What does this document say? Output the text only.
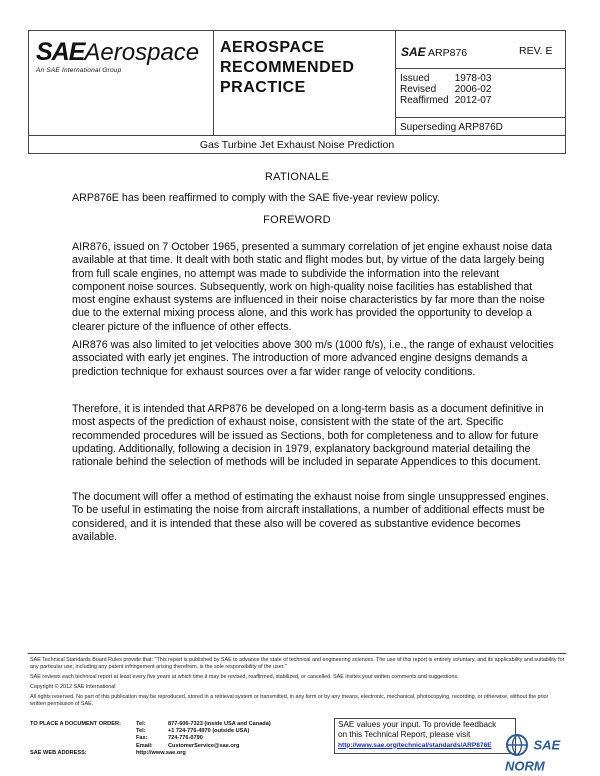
SAEAerospace
An SAE International Group
AEROSPACE
RECOMMENDED
PRACTICE
SAE ARP876	REV. E
Issued	1978-03
Revised	2006-02
Reaffirmed	2012-07
Superseding ARP876D
Gas Turbine Jet Exhaust Noise Prediction
RATIONALE
ARP876E has been reaffirmed to comply with the SAE five-year review policy.
FOREWORD
AIR876, issued on 7 October 1965, presented a summary correlation of jet engine exhaust noise data available at that time. It dealt with both static and flight modes but, by virtue of the data largely being from full scale engines, no attempt was made to subdivide the information into the relevant component noise sources. Subsequently, work on high-quality noise facilities has established that most engine exhaust systems are influenced in their noise characteristics by far more than the noise due to the external mixing process alone, and this work has provided the opportunity to develop a clearer picture of the influence of other effects.
AIR876 was also limited to jet velocities above 300 m/s (1000 ft/s), i.e., the range of exhaust velocities associated with early jet engines. The introduction of more advanced engine designs demands a prediction technique for exhaust sources over a far wider range of velocity conditions.
Therefore, it is intended that ARP876 be developed on a long-term basis as a document definitive in most aspects of the prediction of exhaust noise, consistent with the state of the art. Specific recommended procedures will be issued as Sections, both for completeness and to allow for future updating. Additionally, following a decision in 1979, explanatory background material detailing the rationale behind the selection of methods will be included in separate Appendices to this document.
The document will offer a method of estimating the exhaust noise from single unsuppressed engines. To be useful in estimating the noise from aircraft installations, a number of additional effects must be considered, and it is intended that these also will be covered as substantive evidence becomes available.
SAE Technical Standards Board Rules provide that: "This report is published by SAE to advance the state of technical and engineering sciences. The use of this report is entirely voluntary, and its applicability and suitability for any particular use, including any patent infringement arising therefrom, is the sole responsibility of the user."
SAE reviews each technical report at least every five years at which time it may be revised, reaffirmed, stabilized, or cancelled. SAE invites your written comments and suggestions.
Copyright © 2012 SAE International
All rights reserved. No part of this publication may be reproduced, stored in a retrieval system or transmitted, in any form or by any means, electronic, mechanical, photocopying, recording, or otherwise, without the prior written permission of SAE.
TO PLACE A DOCUMENT ORDER:	Tel:	877-606-7323 (inside USA and Canada)
	Tel:	+1 724-776-4970 (outside USA)
	Fax:	724-776-0790
	Email:	CustomerService@sae.org
SAE WEB ADDRESS:	http://www.sae.org	
SAE values your input. To provide feedback
on this Technical Report, please visit
http://www.sae.org/technical/standards/ARP876E	SAE NORM
